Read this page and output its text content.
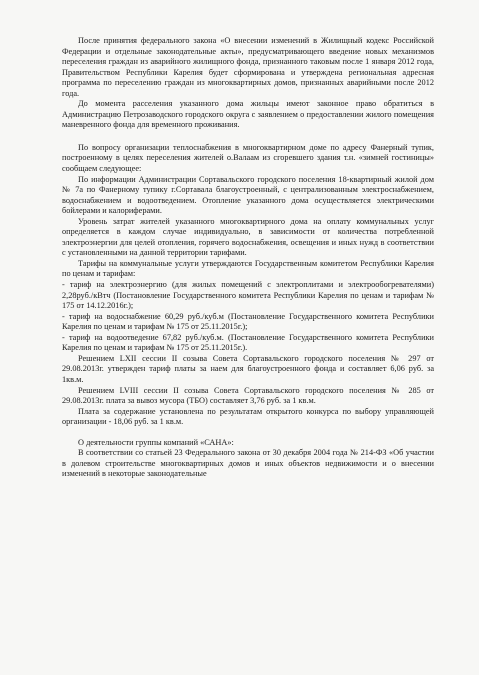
После принятия федерального закона «О внесении изменений в Жилищный кодекс Российской Федерации и отдельные законодательные акты», предусматривающего введение новых механизмов переселения граждан из аварийного жилищного фонда, признанного таковым после 1 января 2012 года, Правительством Республики Карелия будет сформирована и утверждена региональная адресная программа по переселению граждан из многоквартирных домов, признанных аварийными после 2012 года.

До момента расселения указанного дома жильцы имеют законное право обратиться в Администрацию Петрозаводского городского округа с заявлением о предоставлении жилого помещения маневренного фонда для временного проживания.

По вопросу организации теплоснабжения в многоквартирном доме по адресу Фанерный тупик, построенному в целях переселения жителей о.Валаам из сгоревшего здания т.н. «зимней гостиницы» сообщаем следующее:

По информации Администрации Сортавальского городского поселения 18-квартирный жилой дом № 7а по Фанерному тупику г.Сортавала благоустроенный, с централизованным электроснабжением, водоснабжением и водоотведением. Отопление указанного дома осуществляется электрическими бойлерами и калориферами.

Уровень затрат жителей указанного многоквартирного дома на оплату коммунальных услуг определяется в каждом случае индивидуально, в зависимости от количества потребленной электроэнергии для целей отопления, горячего водоснабжения, освещения и иных нужд в соответствии с установленными на данной территории тарифами.

Тарифы на коммунальные услуги утверждаются Государственным комитетом Республики Карелия по ценам и тарифам:

- тариф на электроэнергию (для жилых помещений с электроплитами и электрообогревателями) 2,28руб./кВтч (Постановление Государственного комитета Республики Карелия по ценам и тарифам № 175 от 14.12.2016г.);

- тариф на водоснабжение 60,29 руб./куб.м (Постановление Государственного комитета Республики Карелия по ценам и тарифам № 175 от 25.11.2015г.);

- тариф на водоотведение 67,82 руб./куб.м. (Постановление Государственного комитета Республики Карелия по ценам и тарифам № 175 от 25.11.2015г.).

Решением LXII сессии II созыва Совета Сортавальского городского поселения № 297 от 29.08.2013г. утвержден тариф платы за наем для благоустроенного фонда и составляет 6,06 руб. за 1кв.м.

Решением LVIII сессии II созыва Совета Сортавальского городского поселения № 285 от 29.08.2013г. плата за вывоз мусора (ТБО) составляет 3,76 руб. за 1 кв.м.

Плата за содержание установлена по результатам открытого конкурса по выбору управляющей организации - 18,06 руб. за 1 кв.м.

О деятельности группы компаний «САНА»:

В соответствии со статьей 23 Федерального закона от 30 декабря 2004 года № 214-ФЗ «Об участии в долевом строительстве многоквартирных домов и иных объектов недвижимости и о внесении изменений в некоторые законодательные
